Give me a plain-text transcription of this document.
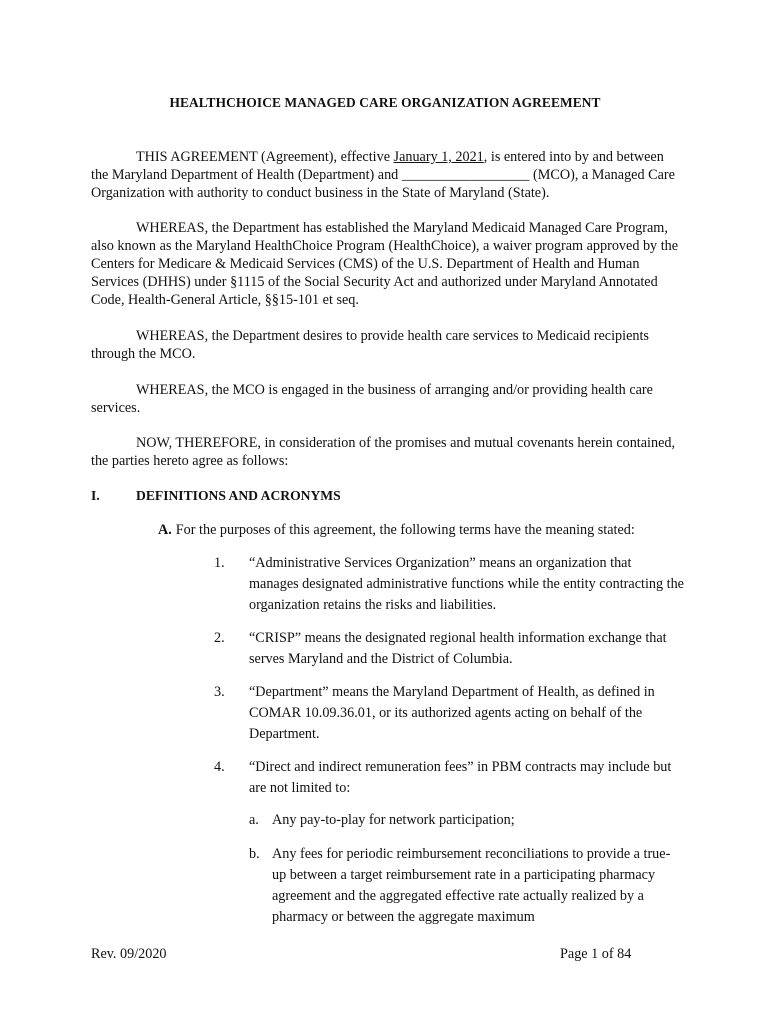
HEALTHCHOICE MANAGED CARE ORGANIZATION AGREEMENT
THIS AGREEMENT (Agreement), effective January 1, 2021, is entered into by and between the Maryland Department of Health (Department) and __________________ (MCO), a Managed Care Organization with authority to conduct business in the State of Maryland (State).
WHEREAS, the Department has established the Maryland Medicaid Managed Care Program, also known as the Maryland HealthChoice Program (HealthChoice), a waiver program approved by the Centers for Medicare & Medicaid Services (CMS) of the U.S. Department of Health and Human Services (DHHS) under §1115 of the Social Security Act and authorized under Maryland Annotated Code, Health-General Article, §§15-101 et seq.
WHEREAS, the Department desires to provide health care services to Medicaid recipients through the MCO.
WHEREAS, the MCO is engaged in the business of arranging and/or providing health care services.
NOW, THEREFORE, in consideration of the promises and mutual covenants herein contained, the parties hereto agree as follows:
I.	DEFINITIONS AND ACRONYMS
A. For the purposes of this agreement, the following terms have the meaning stated:
1. “Administrative Services Organization” means an organization that manages designated administrative functions while the entity contracting the organization retains the risks and liabilities.
2. “CRISP” means the designated regional health information exchange that serves Maryland and the District of Columbia.
3. “Department” means the Maryland Department of Health, as defined in COMAR 10.09.36.01, or its authorized agents acting on behalf of the Department.
4. “Direct and indirect remuneration fees” in PBM contracts may include but are not limited to:
a. Any pay-to-play for network participation;
b. Any fees for periodic reimbursement reconciliations to provide a true-up between a target reimbursement rate in a participating pharmacy agreement and the aggregated effective rate actually realized by a pharmacy or between the aggregate maximum
Rev. 09/2020	Page 1 of 84
